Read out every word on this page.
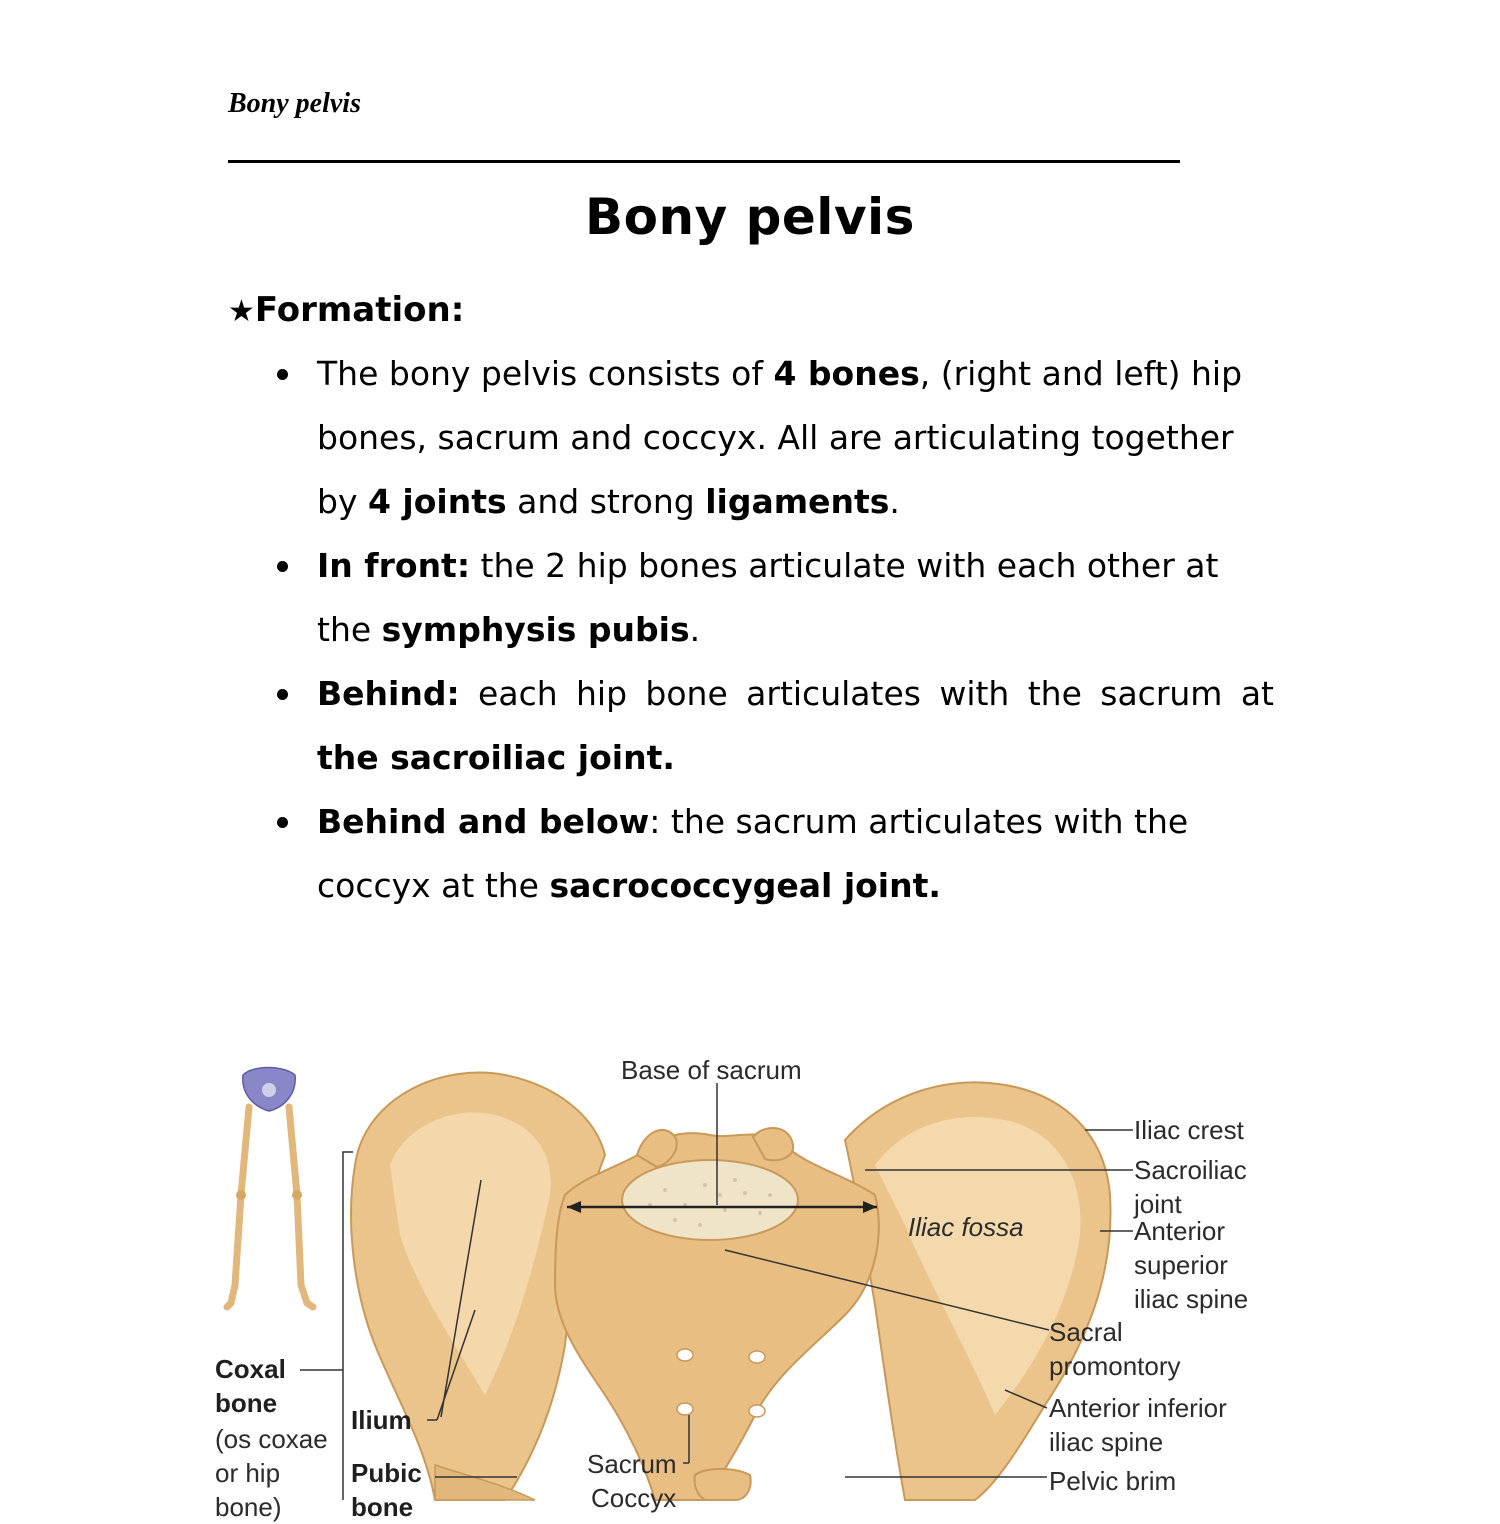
Bony pelvis
Bony pelvis
★Formation:
The bony pelvis consists of 4 bones, (right and left) hip bones, sacrum and coccyx. All are articulating together by 4 joints and strong ligaments.
In front: the 2 hip bones articulate with each other at the symphysis pubis.
Behind: each hip bone articulates with the sacrum at the sacroiliac joint.
Behind and below: the sacrum articulates with the coccyx at the sacrococcygeal joint.
Base of sacrum
Iliac crest
Sacroiliac joint
Iliac fossa	Anterior superior iliac spine
Sacral promontory
Anterior inferior iliac spine
Pelvic brim
Sacrum
Coccyx
Ilium
Pubic bone
Coxal bone
(os coxae or hip bone)
